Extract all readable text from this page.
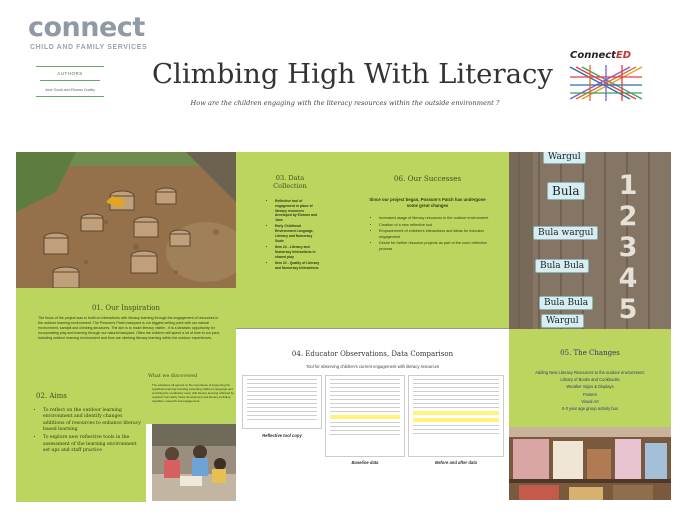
connect
CHILD AND FAMILY SERVICES
AUTHORS
Jane Small and Eleanor Dudley	Climbing High With Literacy
How are the children engaging with the literacy resources within the outside environment ?
ConnectED
Wargul
Bula
Bula wargul
Bula Bula
Bula Bula
Wargul
1
2
3
4
5
01. Our Inspiration
The focus of the project was to build on interactions with literacy learning through the engagement of resources in the outdoor learning environment. The Possum's Patch backyard is our biggest selling point with our natural environment, sandpit and climbing structures. The aim is to make literacy visible - it is a fantastic opportunity for incorporating play and learning through our natural backyard. Often the children will spend a lot of time in our yard, including outdoor learning environment and thus are climbing literacy learning within the outdoor experiences.
02. Aims
• To reflect on the outdoor learning environment and identify changes additions of resources to enhance literacy based learning
• To explore new reflective tools in the assessment of the learning environment set ups and staff practice
What we discovered
The educators all agreed on the importance of supporting the significant learning including extending children's language and enriching the vocabulary used, with literacy learning reflected by research from Early Years development and literacy including repetition, research and engagement.
03. Data Collection
• Reflective tool of engagement in place of literacy resources developed by Eleanor and Jane
• Early Childhood Environment Language, Literacy and Numeracy Scale
• Item 24 - Literacy and Numeracy Interactions in shared play
• Item 22 - Quality of Literacy and Numeracy Interactions
06. Our Successes
Since our project began, Possum's Patch has undergone some great changes
• Increased usage of literacy resources in the outdoor environment
• Creation of a new reflective tool
• Empowerment of children's interactions and ideas for educator engagement
• Desire for further resource projects as part of the room reflection process
04. Educator Observations, Data Comparison
Tool for observing children's current engagement with literacy resources
Reflective tool copy
Baseline data	Before and after data
05. The Changes
Adding New Literacy Resources to the outdoor environment:
Library of Books and Cookbooks
Weather Signs & Displays
Posters
Visual Art
0-3 year age group activity box
